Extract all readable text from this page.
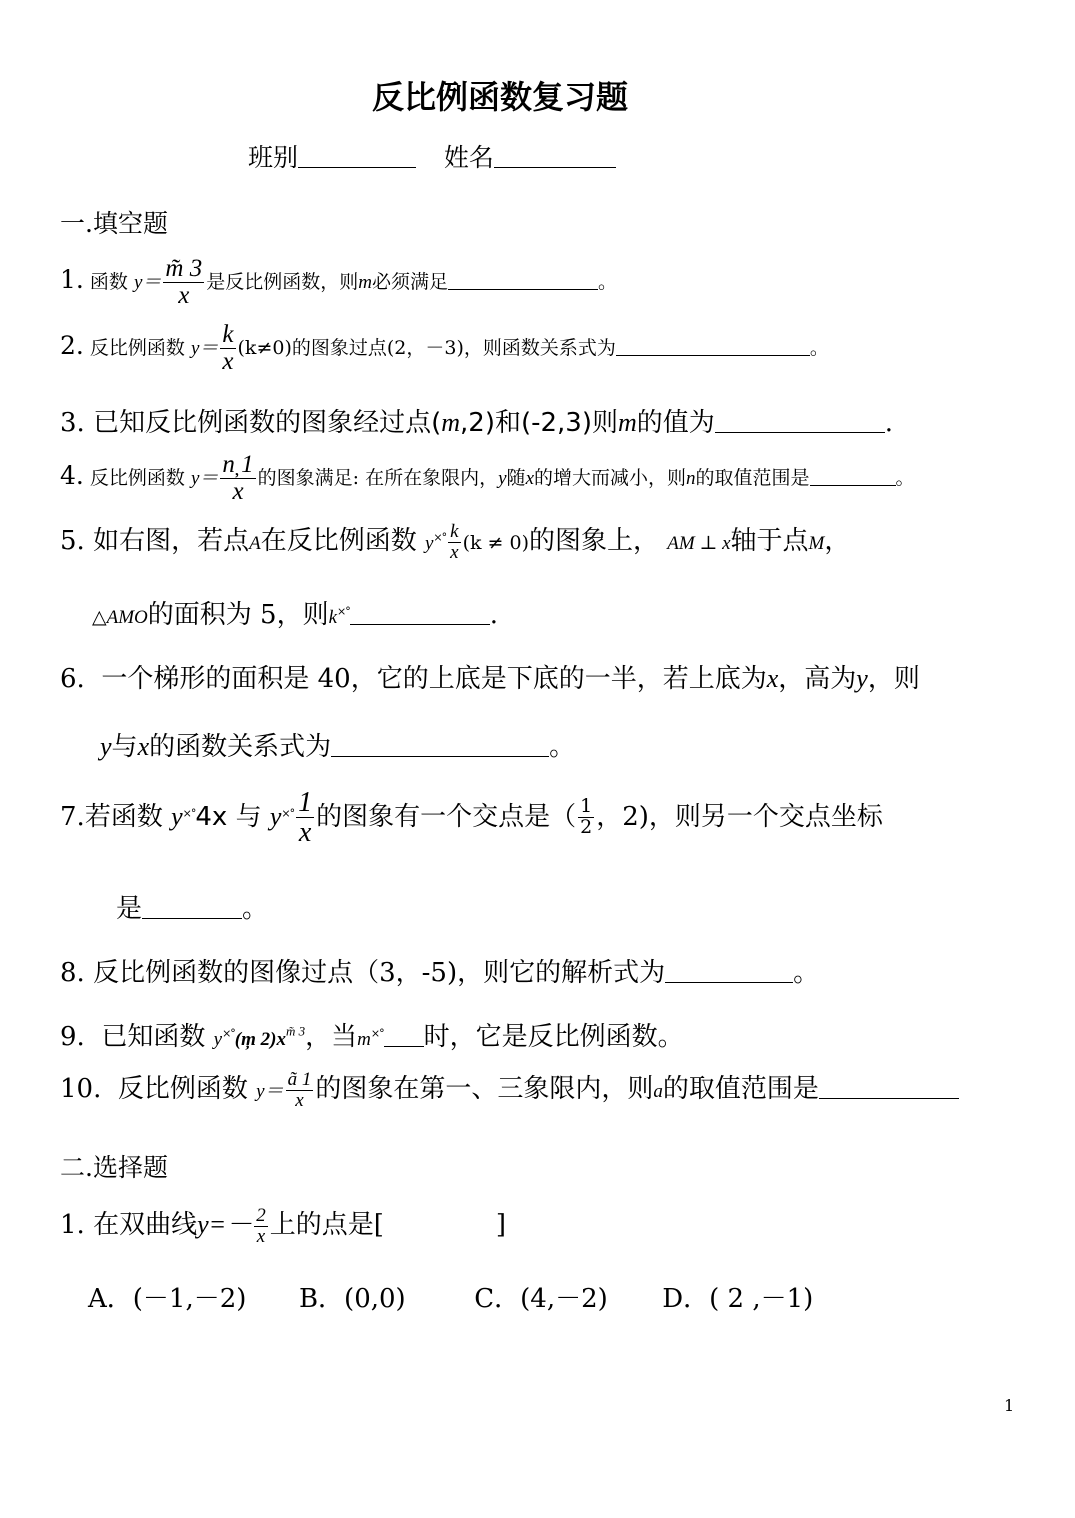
反比例函数复习题
班别	姓名
一.填空题
1. 函数 $y= \frac{m̃ 3}{x}$ 是反比例函数，则m必须满足	。
2. 反比例函数 $y= \frac{k}{x} (k\ne 0)$的图象过点(2，－3)，则函数关系式为	。
3. 已知反比例函数的图象经过点(m,2)和(-2,3)则m的值为	.
4. 反比例函数 $y= \frac{n̦ 1}{x}$ 的图象满足: 在所在象限内，y随x的增大而减小，则n的取值范围是	。
5. 如右图，若点A在反比例函数 $y^{\times^\circ} \frac{k}{x} (k \ne 0)$的图象上， AM ⊥ x轴于点M，
△AMO的面积为 5，则k×°	.
6. 一个梯形的面积是 40，它的上底是下底的一半，若上底为x，高为y，则
y与x的函数关系式为	。
7.若函数 y×°4x 与 $y^{\times^\circ} \frac{1}{x}$ 的图象有一个交点是（ $\frac{1}{2}$ ，2)，则另一个交点坐标
是	。
8. 反比例函数的图像过点（3，-5)，则它的解析式为	。
9. 已知函数 y×°(m̦ $2)x^{m̃ 3}$，当m×° 时，它是反比例函数。
10. 反比例函数 $y= \frac{ã 1}{x}$ 的图象在第一、三象限内，则a的取值范围是
二.选择题
1. 在双曲线$y=- \frac{2}{x}$ 上的点是[	]
A．(－1,－2) B．(0,0)	C．(4,－2) D．( 2 ,－1)
1
